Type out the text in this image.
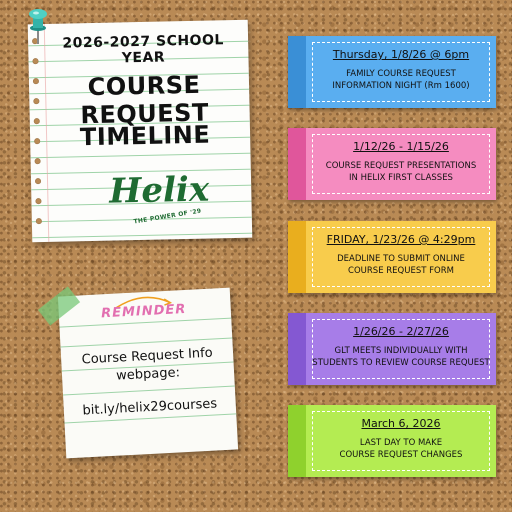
2026-2027 SCHOOL YEAR
COURSE REQUEST
TIMELINE
Helix
THE POWER OF '29
REMINDER
Course Request Info
webpage:
bit.ly/helix29courses
Thursday, 1/8/26 @ 6pm
FAMILY COURSE REQUEST
INFORMATION NIGHT (Rm 1600)
1/12/26 - 1/15/26
COURSE REQUEST PRESENTATIONS
IN HELIX FIRST CLASSES
FRIDAY, 1/23/26 @ 4:29pm
DEADLINE TO SUBMIT ONLINE
COURSE REQUEST FORM
1/26/26 - 2/27/26
GLT MEETS INDIVIDUALLY WITH
STUDENTS TO REVIEW COURSE REQUEST
March 6, 2026
LAST DAY TO MAKE
COURSE REQUEST CHANGES
